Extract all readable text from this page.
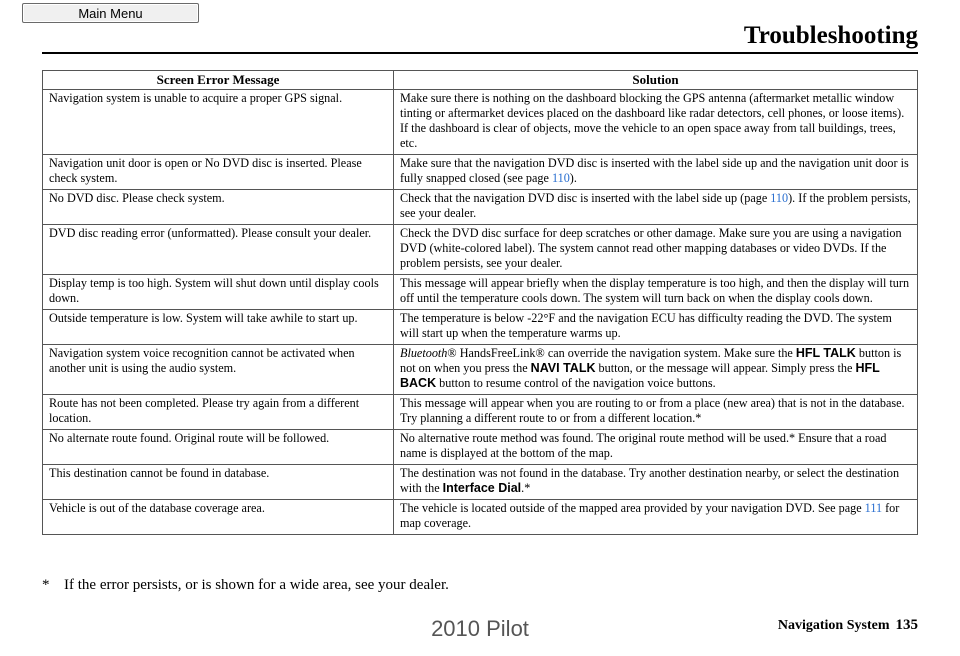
Main Menu
Troubleshooting
Screen Error Message	Solution
Navigation system is unable to acquire a proper GPS signal.	Make sure there is nothing on the dashboard blocking the GPS antenna (aftermarket metallic window tinting or aftermarket devices placed on the dashboard like radar detectors, cell phones, or loose items). If the dashboard is clear of objects, move the vehicle to an open space away from tall buildings, trees, etc.
Navigation unit door is open or No DVD disc is inserted. Please check system.	Make sure that the navigation DVD disc is inserted with the label side up and the navigation unit door is fully snapped closed (see page 110).
No DVD disc. Please check system.	Check that the navigation DVD disc is inserted with the label side up (page 110). If the problem persists, see your dealer.
DVD disc reading error (unformatted). Please consult your dealer.	Check the DVD disc surface for deep scratches or other damage. Make sure you are using a navigation DVD (white-colored label). The system cannot read other mapping databases or video DVDs. If the problem persists, see your dealer.
Display temp is too high. System will shut down until display cools down.	This message will appear briefly when the display temperature is too high, and then the display will turn off until the temperature cools down. The system will turn back on when the display cools down.
Outside temperature is low. System will take awhile to start up.	The temperature is below -22°F and the navigation ECU has difficulty reading the DVD. The system will start up when the temperature warms up.
Navigation system voice recognition cannot be activated when another unit is using the audio system.	Bluetooth® HandsFreeLink® can override the navigation system. Make sure the HFL TALK button is not on when you press the NAVI TALK button, or the message will appear. Simply press the HFL BACK button to resume control of the navigation voice buttons.
Route has not been completed. Please try again from a different location.	This message will appear when you are routing to or from a place (new area) that is not in the database. Try planning a different route to or from a different location.*
No alternate route found. Original route will be followed.	No alternative route method was found. The original route method will be used.* Ensure that a road name is displayed at the bottom of the map.
This destination cannot be found in database.	The destination was not found in the database. Try another destination nearby, or select the destination with the Interface Dial.*
Vehicle is out of the database coverage area.	The vehicle is located outside of the mapped area provided by your navigation DVD. See page 111 for map coverage.
* If the error persists, or is shown for a wide area, see your dealer.
Navigation System 135
2010 Pilot
